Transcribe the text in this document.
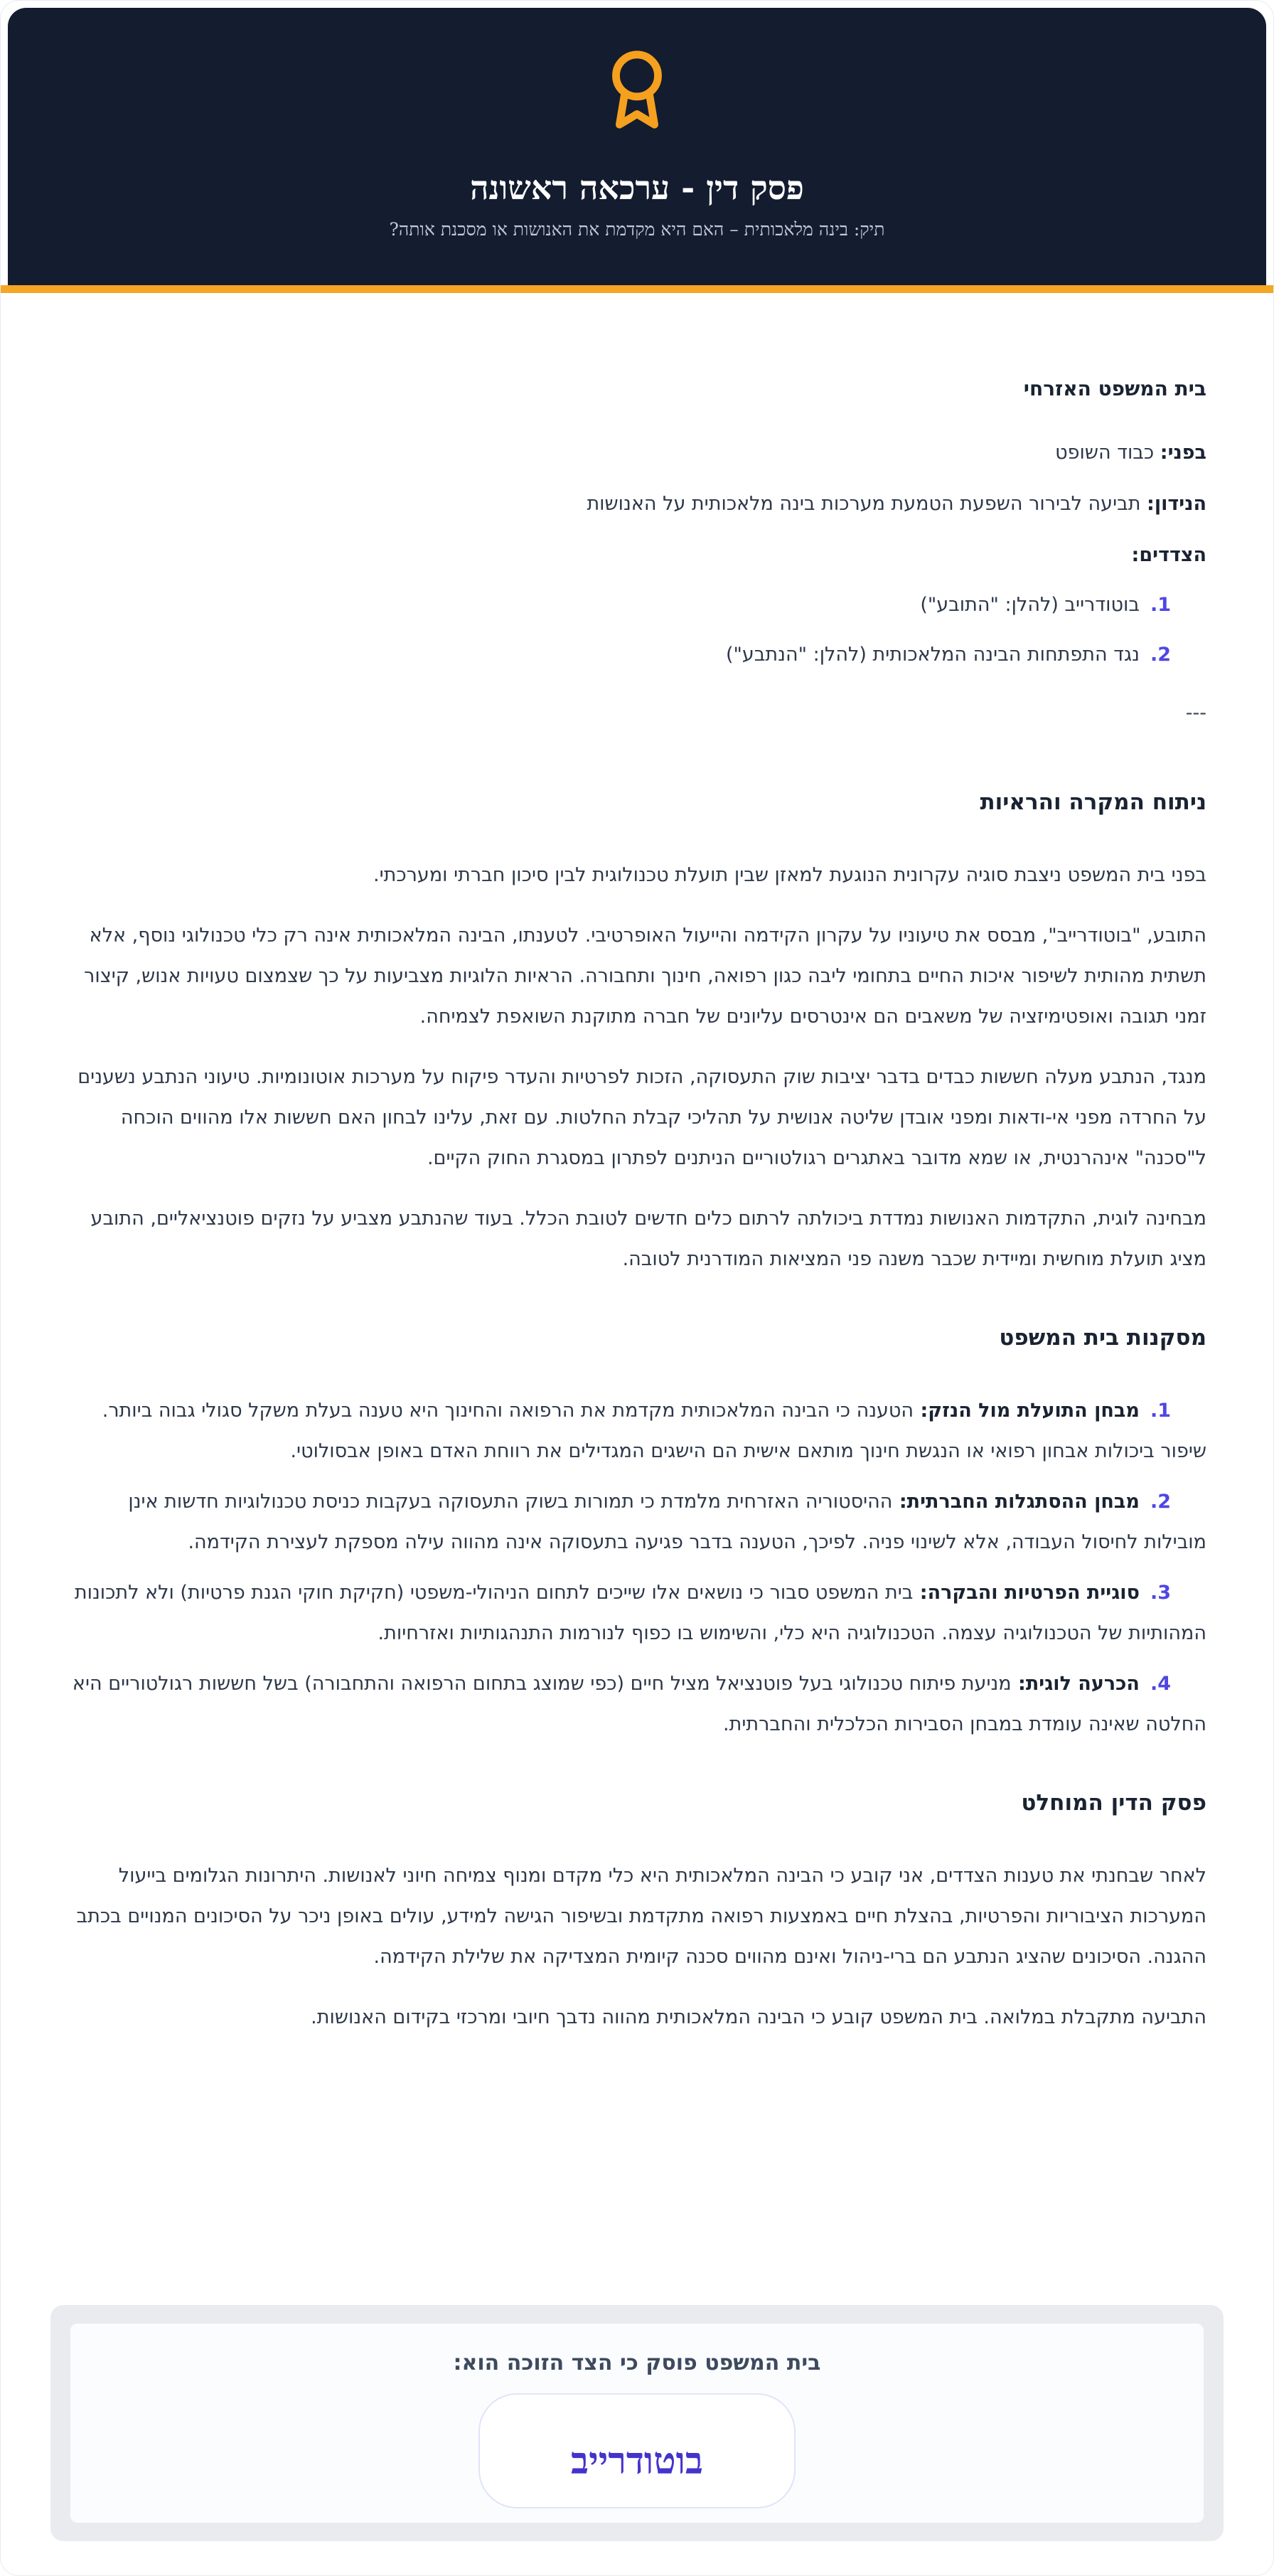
פסק דין - ערכאה ראשונה
תיק: בינה מלאכותית – האם היא מקדמת את האנושות או מסכנת אותה?
בית המשפט האזרחי
בפני: כבוד השופט
הנידון: תביעה לבירור השפעת הטמעת מערכות בינה מלאכותית על האנושות
הצדדים:
1.בוטודרייב (להלן: "התובע")
2.נגד התפתחות הבינה המלאכותית (להלן: "הנתבע")
---
ניתוח המקרה והראיות
בפני בית המשפט ניצבת סוגיה עקרונית הנוגעת למאזן שבין תועלת טכנולוגית לבין סיכון חברתי ומערכתי.
התובע, "בוטודרייב", מבסס את טיעוניו על עקרון הקידמה והייעול האופרטיבי. לטענתו, הבינה המלאכותית אינה רק כלי טכנולוגי נוסף, אלא תשתית מהותית לשיפור איכות החיים בתחומי ליבה כגון רפואה, חינוך ותחבורה. הראיות הלוגיות מצביעות על כך שצמצום טעויות אנוש, קיצור זמני תגובה ואופטימיזציה של משאבים הם אינטרסים עליונים של חברה מתוקנת השואפת לצמיחה.
מנגד, הנתבע מעלה חששות כבדים בדבר יציבות שוק התעסוקה, הזכות לפרטיות והעדר פיקוח על מערכות אוטונומיות. טיעוני הנתבע נשענים על החרדה מפני אי-ודאות ומפני אובדן שליטה אנושית על תהליכי קבלת החלטות. עם זאת, עלינו לבחון האם חששות אלו מהווים הוכחה ל"סכנה" אינהרנטית, או שמא מדובר באתגרים רגולטוריים הניתנים לפתרון במסגרת החוק הקיים.
מבחינה לוגית, התקדמות האנושות נמדדת ביכולתה לרתום כלים חדשים לטובת הכלל. בעוד שהנתבע מצביע על נזקים פוטנציאליים, התובע מציג תועלת מוחשית ומיידית שכבר משנה פני המציאות המודרנית לטובה.
מסקנות בית המשפט
1.מבחן התועלת מול הנזק: הטענה כי הבינה המלאכותית מקדמת את הרפואה והחינוך היא טענה בעלת משקל סגולי גבוה ביותר. שיפור ביכולות אבחון רפואי או הנגשת חינוך מותאם אישית הם הישגים המגדילים את רווחת האדם באופן אבסולוטי.
2.מבחן ההסתגלות החברתית: ההיסטוריה האזרחית מלמדת כי תמורות בשוק התעסוקה בעקבות כניסת טכנולוגיות חדשות אינן מובילות לחיסול העבודה, אלא לשינוי פניה. לפיכך, הטענה בדבר פגיעה בתעסוקה אינה מהווה עילה מספקת לעצירת הקידמה.
3.סוגיית הפרטיות והבקרה: בית המשפט סבור כי נושאים אלו שייכים לתחום הניהולי-משפטי (חקיקת חוקי הגנת פרטיות) ולא לתכונות המהותיות של הטכנולוגיה עצמה. הטכנולוגיה היא כלי, והשימוש בו כפוף לנורמות התנהגותיות ואזרחיות.
4.הכרעה לוגית: מניעת פיתוח טכנולוגי בעל פוטנציאל מציל חיים (כפי שמוצג בתחום הרפואה והתחבורה) בשל חששות רגולטוריים היא החלטה שאינה עומדת במבחן הסבירות הכלכלית והחברתית.
פסק הדין המוחלט
לאחר שבחנתי את טענות הצדדים, אני קובע כי הבינה המלאכותית היא כלי מקדם ומנוף צמיחה חיוני לאנושות. היתרונות הגלומים בייעול המערכות הציבוריות והפרטיות, בהצלת חיים באמצעות רפואה מתקדמת ובשיפור הגישה למידע, עולים באופן ניכר על הסיכונים המנויים בכתב ההגנה. הסיכונים שהציג הנתבע הם ברי-ניהול ואינם מהווים סכנה קיומית המצדיקה את שלילת הקידמה.
התביעה מתקבלת במלואה. בית המשפט קובע כי הבינה המלאכותית מהווה נדבך חיובי ומרכזי בקידום האנושות.
בית המשפט פוסק כי הצד הזוכה הוא:
בוטודרייב
